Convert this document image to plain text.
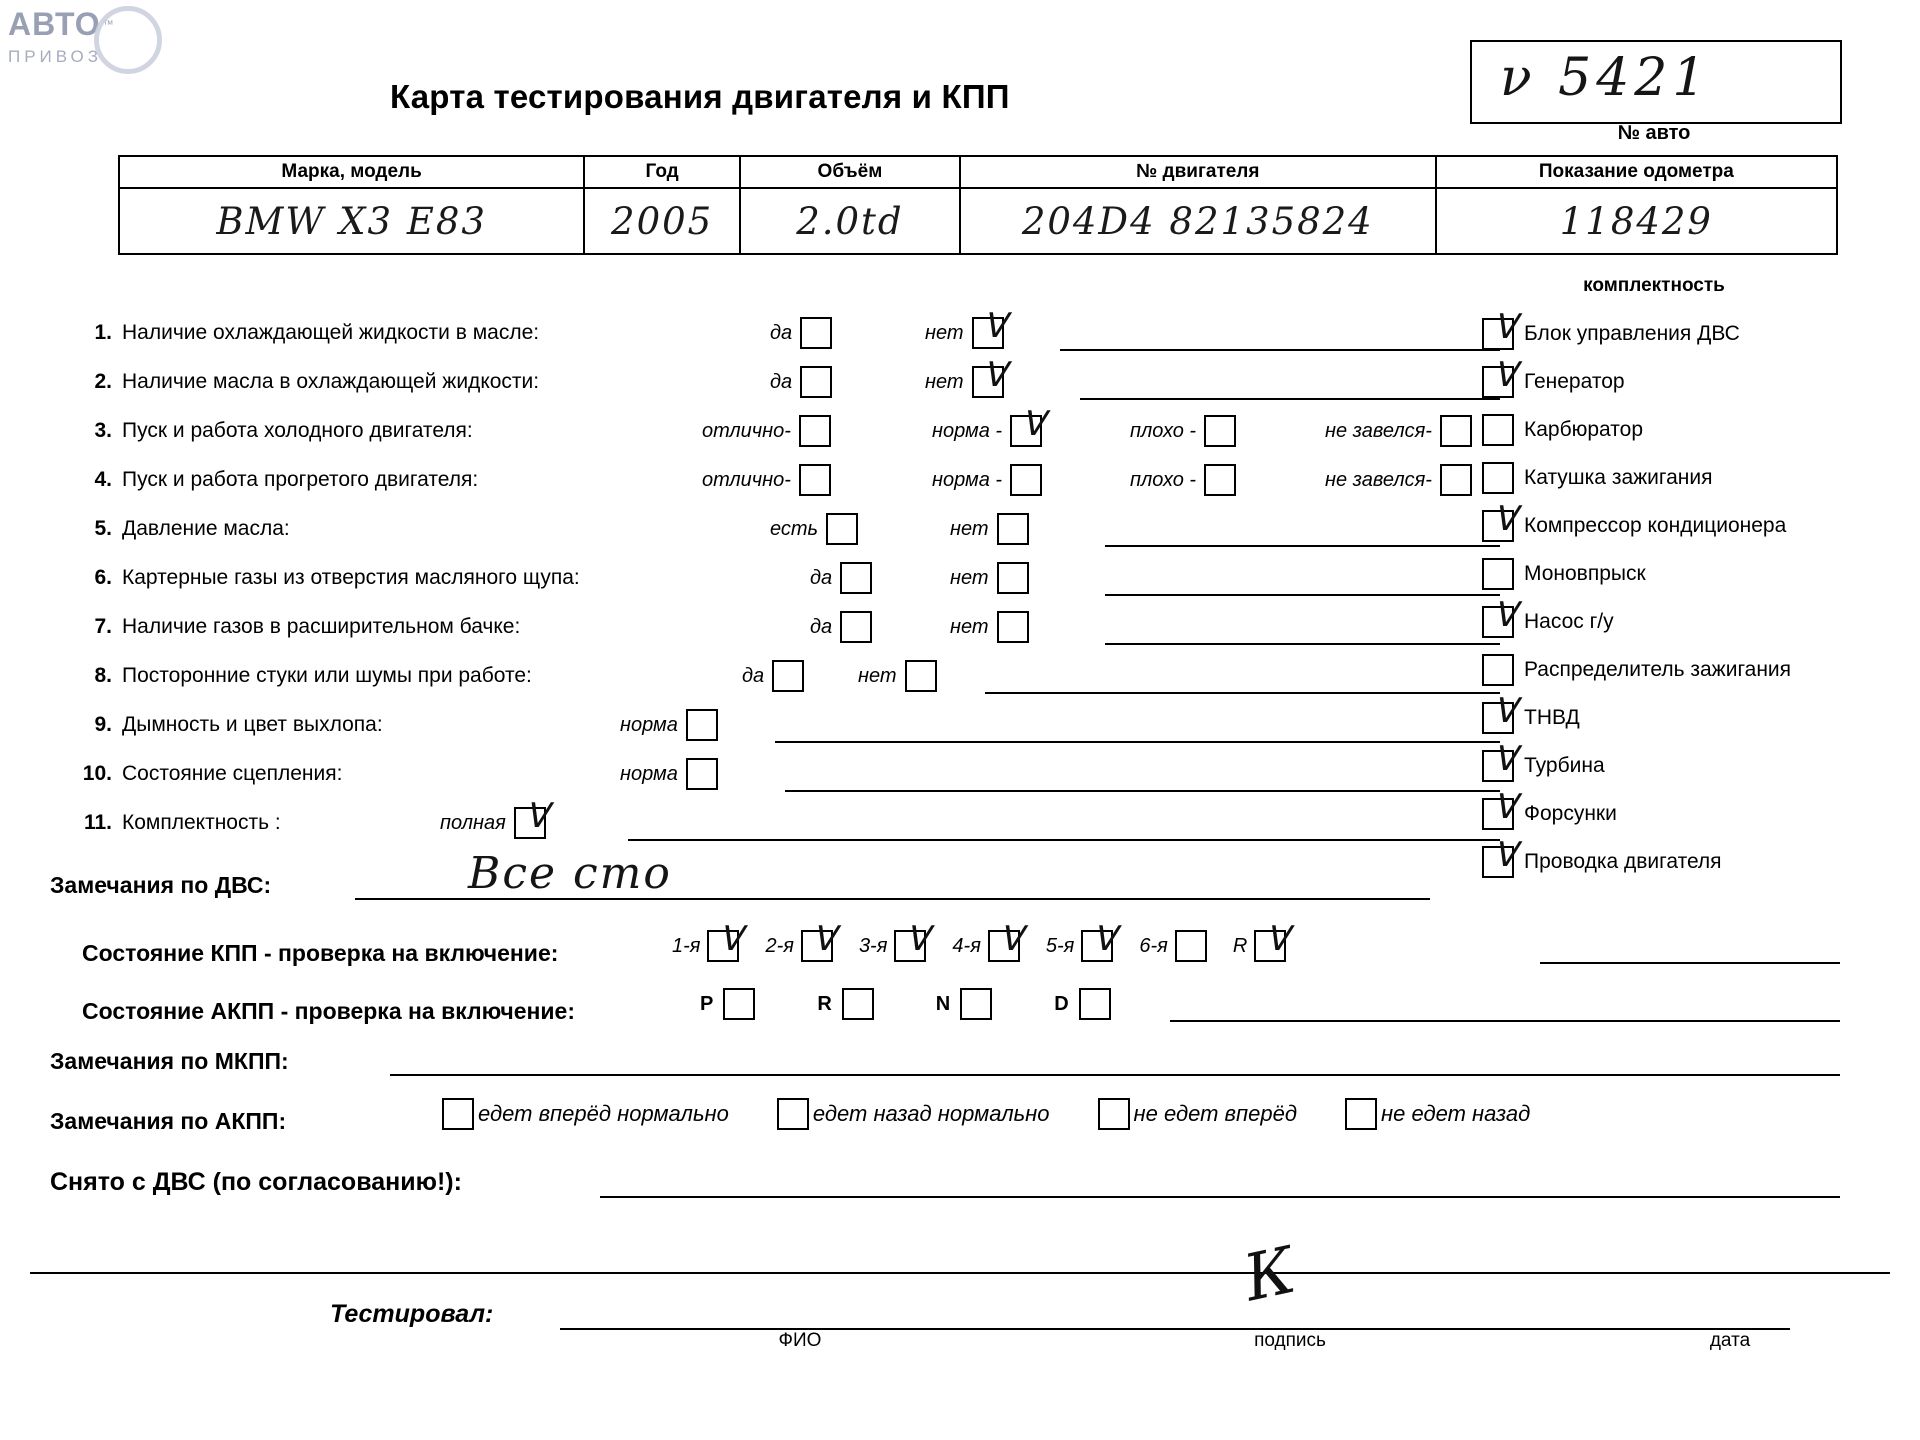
АВТО ™
ПРИВОЗ
Карта тестирования двигателя и КПП	ν 5421
№ авто
Марка, модель	Год	Объём	№ двигателя	Показание одометра
BMW X3 E83	2005	2.0td	204D4 82135824	118429
комплектность
ᐯ Блок управления ДВС
ᐯ Генератор
Карбюратор
Катушка зажигания
ᐯ Компрессор кондиционера
Моновпрыск
ᐯ Насос г/у
Распределитель зажигания
ᐯ ТНВД
ᐯ Турбина
ᐯ Форсунки
ᐯ Проводка двигателя
1. Наличие охлаждающей жидкости в масле:	да	нет ᐯ
2. Наличие масла в охлаждающей жидкости:	да	нет ᐯ
3. Пуск и работа холодного двигателя:	отлично-	норма - ᐯ	плохо -	не завелся-
4. Пуск и работа прогретого двигателя:	отлично-	норма -	плохо -	не завелся-
5. Давление масла:	есть	нет
6. Картерные газы из отверстия масляного щупа:	да	нет
7. Наличие газов в расширительном бачке:	да	нет
8. Посторонние стуки или шумы при работе:	да	нет
9. Дымность и цвет выхлопа:	норма
10. Состояние сцепления:	норма
11. Комплектность :	полная ᐯ
Замечания по ДВС:	Все cmo
Состояние КПП - проверка на включение:	1-я ᐯ	2-я ᐯ	3-я ᐯ	4-я ᐯ	5-я ᐯ	6-я	R ᐯ
Состояние АКПП - проверка на включение:	P	R	N	D
Замечания по МКПП:
Замечания по АКПП:	едет вперёд нормально	едет назад нормально	не едет вперёд	не едет назад
Снято с ДВС (по согласованию!):
Тестировал:	К
ФИО	подпись	дата
